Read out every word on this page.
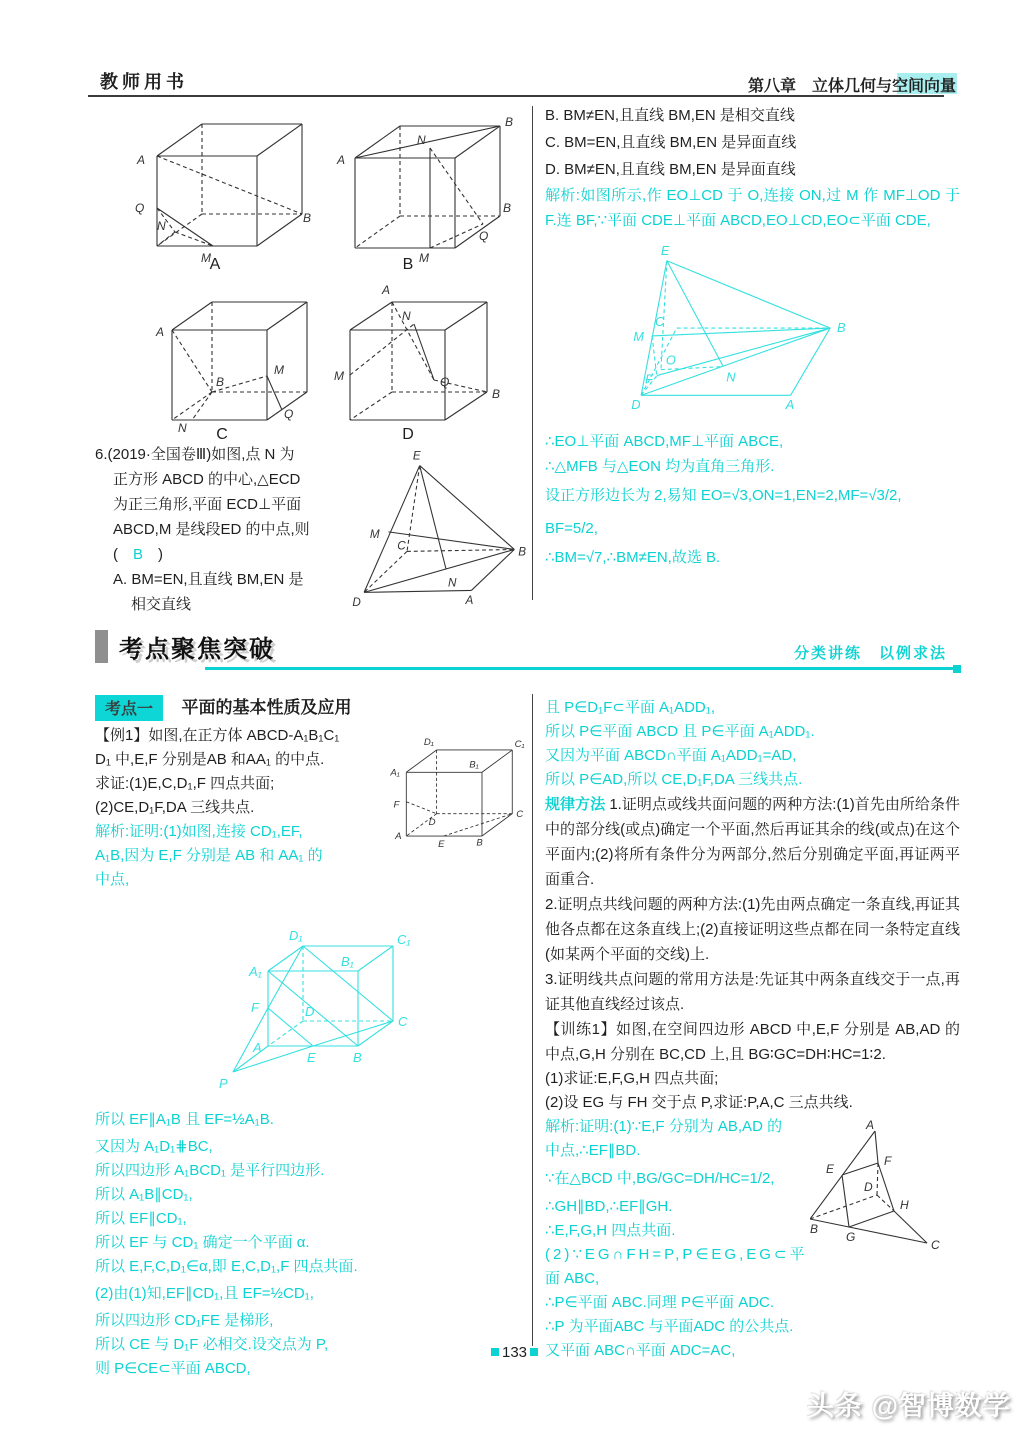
教师用书	第八章　立体几何与空间向量
A
Q
N
M
B
A
B
N
B
Q
M
A	B
A
B
M
N
Q
A
N
M	Q
B
C	D
E
M
C	B
N
D	A

6.(2019·全国卷Ⅲ)如图,点 N 为

正方形 ABCD 的中心,△ECD

为正三角形,平面 ECD⊥平面

ABCD,M 是线段ED 的中点,则

(　B　)

A. BM=EN,且直线 BM,EN 是

相交直线

B. BM≠EN,且直线 BM,EN 是相交直线

C. BM=EN,且直线 BM,EN 是异面直线

D. BM≠EN,且直线 BM,EN 是异面直线

解析:如图所示,作 EO⊥CD 于 O,连接 ON,过 M 作 MF⊥OD 于 F.连 BF,∵平面 CDE⊥平面 ABCD,EO⊥CD,EO⊂平面 CDE,

E
M
C	B
N
D	A
O
F

∴EO⊥平面 ABCD,MF⊥平面 ABCE,

∴△MFB 与△EON 均为直角三角形.

设正方形边长为 2,易知 EO=√3,ON=1,EN=2,MF=√3/2,

BF=5/2,

∴BM=√7,∴BM≠EN,故选 B.

考点聚焦突破	分类讲练　以例求法
考点一 平面的基本性质及应用
D₁	C₁
A₁
B₁
F
D
C
A
E	B

【例1】如图,在正方体 ABCD-A₁B₁C₁

D₁ 中,E,F 分别是AB 和AA₁ 的中点.

求证:(1)E,C,D₁,F 四点共面;

(2)CE,D₁F,DA 三线共点.

解析:证明:(1)如图,连接 CD₁,EF,

A₁B,因为 E,F 分别是 AB 和 AA₁ 的

中点,

D₁	C₁
B₁
A₁
F	D
C
A
E	B
P

所以 EF∥A₁B 且 EF=½A₁B.

又因为 A₁D₁⋕BC,

所以四边形 A₁BCD₁ 是平行四边形.

所以 A₁B∥CD₁,

所以 EF∥CD₁,

所以 EF 与 CD₁ 确定一个平面 α.

所以 E,F,C,D₁∈α,即 E,C,D₁,F 四点共面.

(2)由(1)知,EF∥CD₁,且 EF=½CD₁,

所以四边形 CD₁FE 是梯形,

所以 CE 与 D₁F 必相交.设交点为 P,

则 P∈CE⊂平面 ABCD,

且 P∈D₁F⊂平面 A₁ADD₁,

所以 P∈平面 ABCD 且 P∈平面 A₁ADD₁.

又因为平面 ABCD∩平面 A₁ADD₁=AD,

所以 P∈AD,所以 CE,D₁F,DA 三线共点.

规律方法 1.证明点或线共面问题的两种方法:(1)首先由所给条件中的部分线(或点)确定一个平面,然后再证其余的线(或点)在这个平面内;(2)将所有条件分为两部分,然后分别确定平面,再证两平面重合.

2.证明点共线问题的两种方法:(1)先由两点确定一条直线,再证其他各点都在这条直线上;(2)直接证明这些点都在同一条特定直线(如某两个平面的交线)上.

3.证明线共点问题的常用方法是:先证其中两条直线交于一点,再证其他直线经过该点.

【训练1】如图,在空间四边形 ABCD 中,E,F 分别是 AB,AD 的中点,G,H 分别在 BC,CD 上,且 BG∶GC=DH∶HC=1∶2.

(1)求证:E,F,G,H 四点共面;

(2)设 EG 与 FH 交于点 P,求证:P,A,C 三点共线.

A
F
E
D
H
B
G
C

解析:证明:(1)∵E,F 分别为 AB,AD 的

中点,∴EF∥BD.

∵在△BCD 中,BG/GC=DH/HC=1/2,

∴GH∥BD,∴EF∥GH.

∴E,F,G,H 四点共面.

(2)∵EG∩FH=P,P∈EG,EG⊂平

面 ABC,

∴P∈平面 ABC.同理 P∈平面 ADC.

∴P 为平面ABC 与平面ADC 的公共点.

又平面 ABC∩平面 ADC=AC,

133
头条 @智博数学
